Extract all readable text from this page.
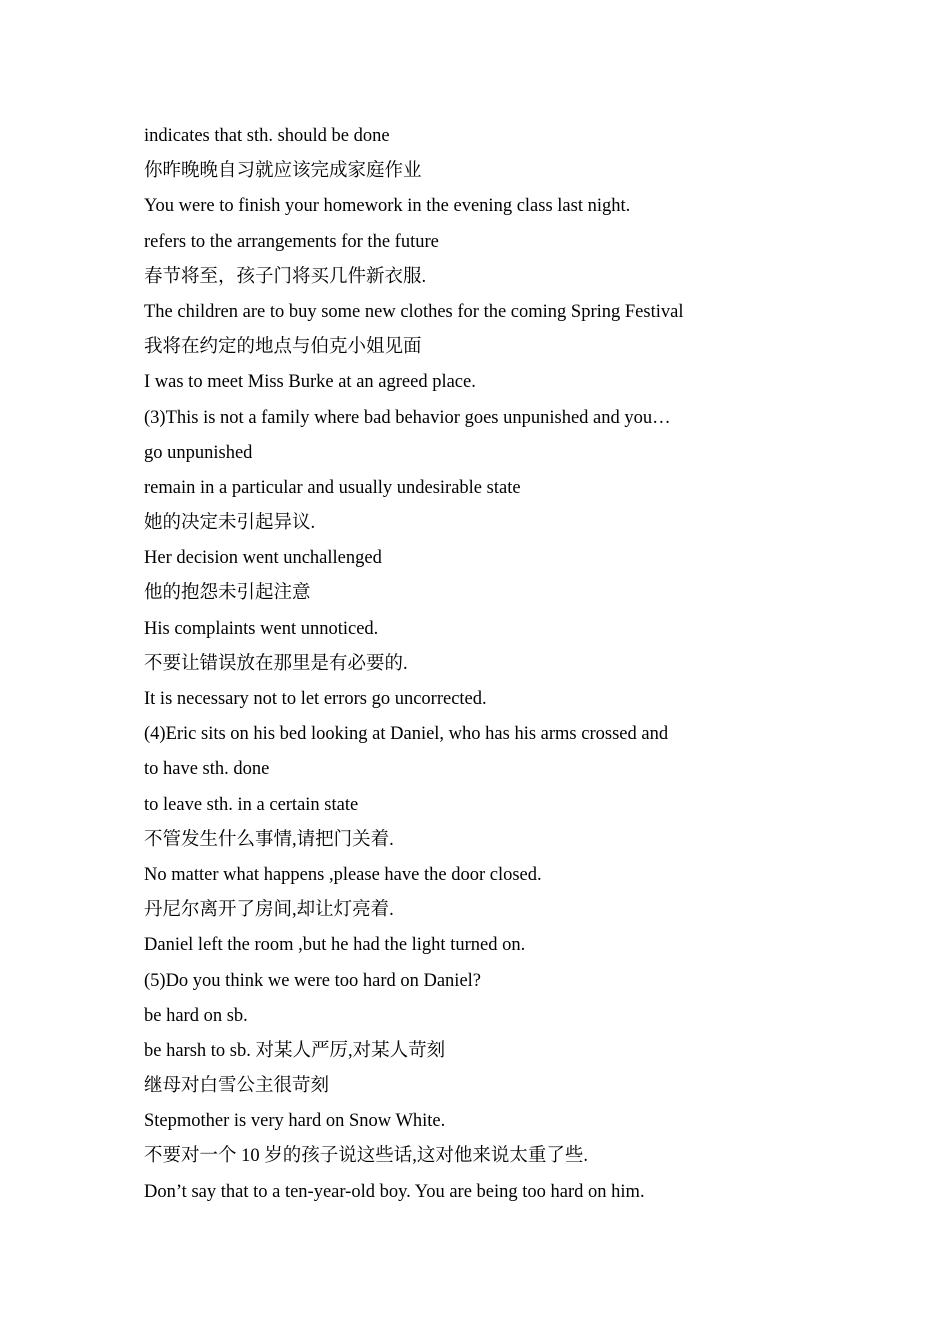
indicates that sth. should be done
你昨晚晚自习就应该完成家庭作业
You were to finish your homework in the evening class last night.
refers to the arrangements for the future
春节将至，孩子门将买几件新衣服.
The children are to buy some new clothes for the coming Spring Festival
我将在约定的地点与伯克小姐见面
I was to meet Miss Burke at an agreed place.
(3)This is not a family where bad behavior goes unpunished and you…
go unpunished
remain in a particular and usually undesirable state
她的决定未引起异议.
Her decision went unchallenged
他的抱怨未引起注意
His complaints went unnoticed.
不要让错误放在那里是有必要的.
It is necessary not to let errors go uncorrected.
(4)Eric sits on his bed looking at Daniel, who has his arms crossed and
to have sth. done
to leave sth. in a certain state
不管发生什么事情,请把门关着.
No matter what happens ,please have the door closed.
丹尼尔离开了房间,却让灯亮着.
Daniel left the room ,but he had the light turned on.
(5)Do you think we were too hard on Daniel?
be hard on sb.
be harsh to sb. 对某人严厉,对某人苛刻
继母对白雪公主很苛刻
Stepmother is very hard on Snow White.
不要对一个 10 岁的孩子说这些话,这对他来说太重了些.
Don’t say that to a ten-year-old boy. You are being too hard on him.
